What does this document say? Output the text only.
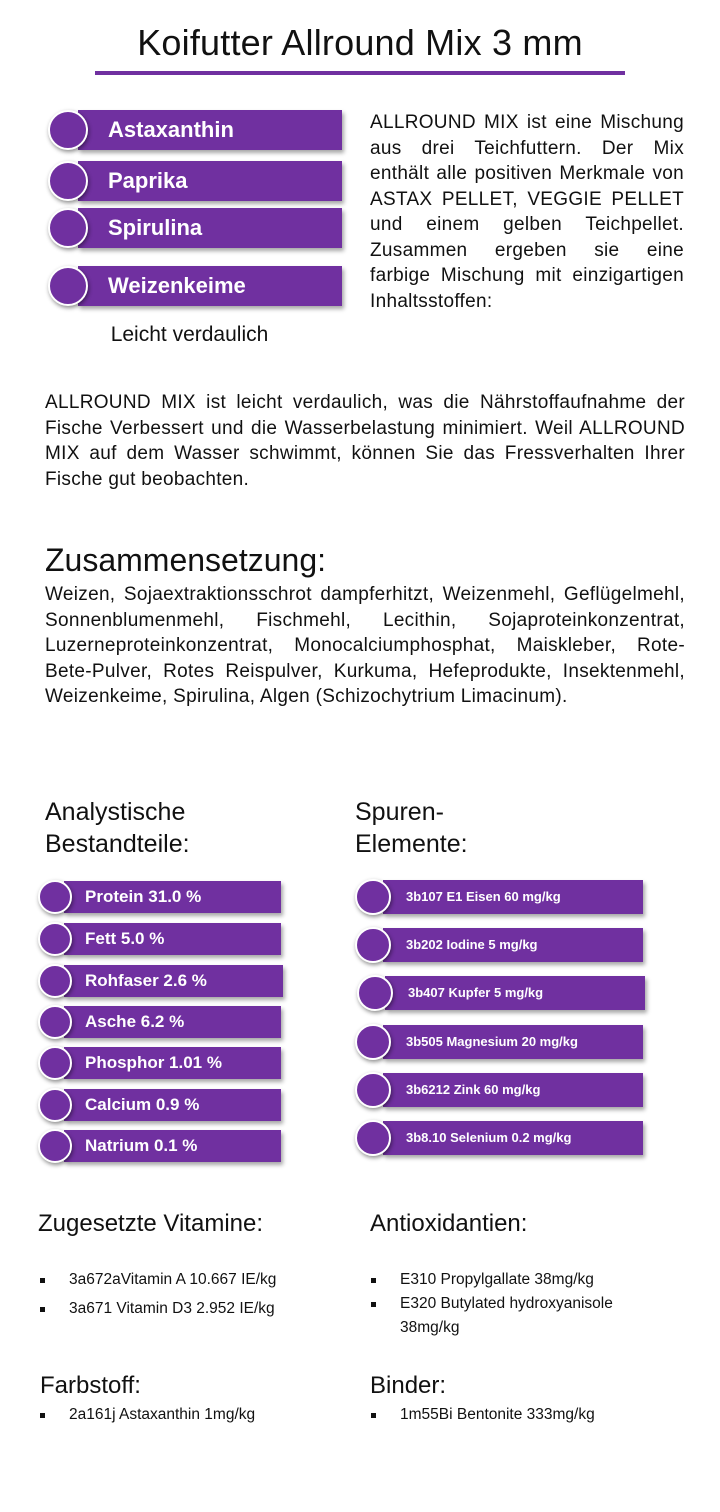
Koifutter Allround Mix 3 mm
Astaxanthin
Paprika
Spirulina
Weizenkeime
Leicht verdaulich
ALLROUND MIX ist eine Mischung aus drei Teichfuttern. Der Mix enthält alle positiven Merkmale von ASTAX PELLET, VEGGIE PELLET und einem gelben Teichpellet. Zusammen ergeben sie eine farbige Mischung mit einzigartigen Inhaltsstoffen:
ALLROUND MIX ist leicht verdaulich, was die Nährstoffaufnahme der Fische Verbessert und die Wasserbelastung minimiert. Weil ALLROUND MIX auf dem Wasser schwimmt, können Sie das Fressverhalten Ihrer Fische gut beobachten.
Zusammensetzung:
Weizen, Sojaextraktionsschrot dampferhitzt, Weizenmehl, Geflügelmehl, Sonnenblumenmehl, Fischmehl, Lecithin, Sojaproteinkonzentrat, Luzerneproteinkonzentrat, Monocalciumphosphat, Maiskleber, Rote-Bete-Pulver, Rotes Reispulver, Kurkuma, Hefeprodukte, Insektenmehl, Weizenkeime, Spirulina, Algen (Schizochytrium Limacinum).
Analystische
Bestandteile:
Protein 31.0 %
Fett 5.0 %
Rohfaser 2.6 %
Asche 6.2 %
Phosphor 1.01 %
Calcium 0.9 %
Natrium 0.1 %
Spuren-
Elemente:
3b107 E1 Eisen 60 mg/kg
3b202 Iodine 5 mg/kg
3b407 Kupfer 5 mg/kg
3b505 Magnesium 20 mg/kg
3b6212 Zink 60 mg/kg
3b8.10 Selenium 0.2 mg/kg
Zugesetzte Vitamine:
3a672aVitamin A 10.667 IE/kg
3a671 Vitamin D3 2.952 IE/kg
Antioxidantien:
E310 Propylgallate 38mg/kg
E320 Butylated hydroxyanisole 38mg/kg
Farbstoff:
2a161j Astaxanthin 1mg/kg
Binder:
1m55Bi Bentonite 333mg/kg
